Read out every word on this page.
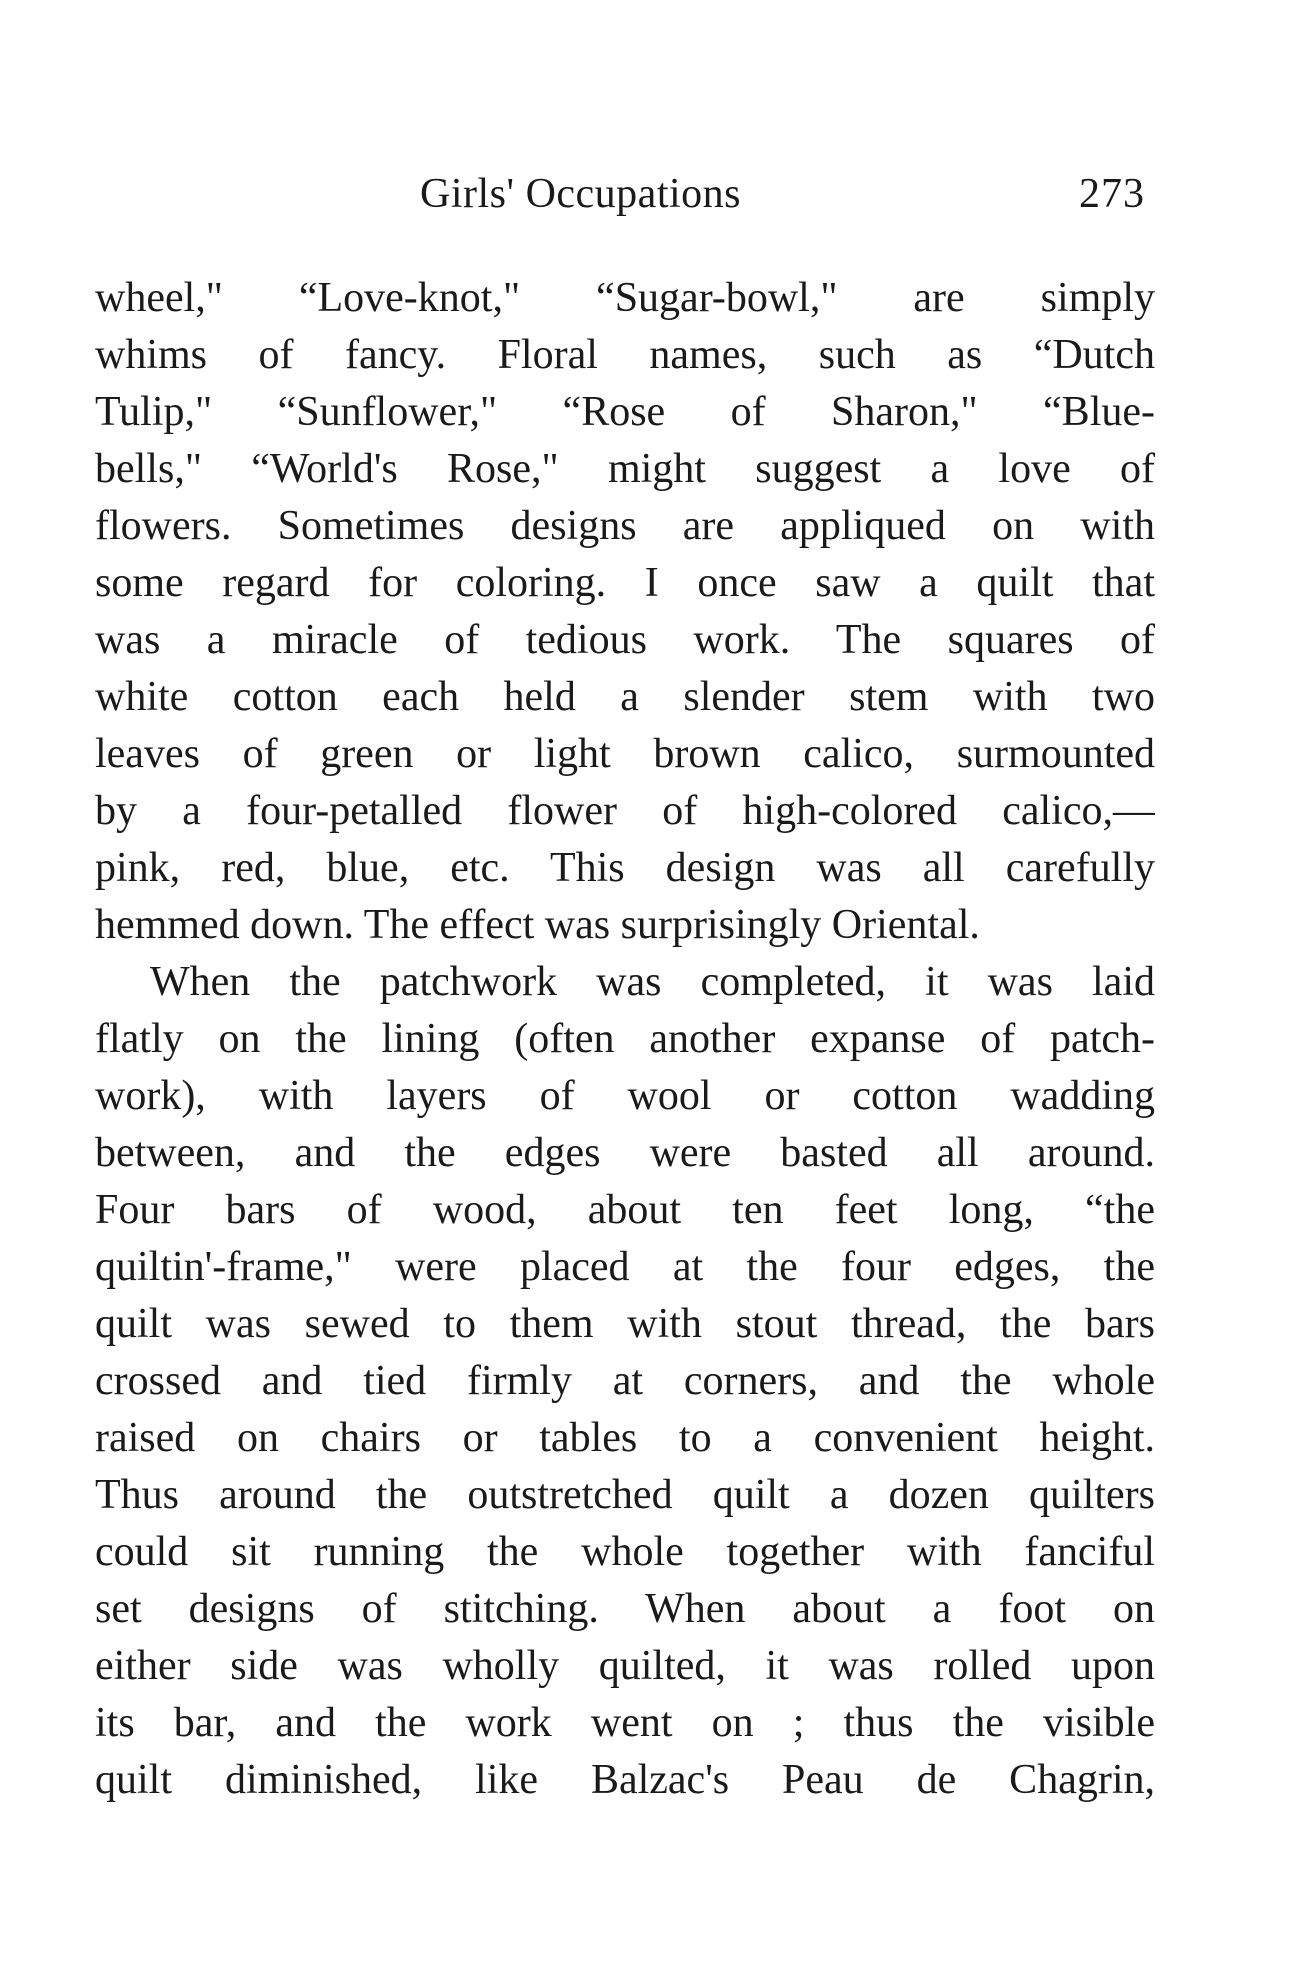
Girls' Occupations	273
wheel," “Love-knot," “Sugar-bowl," are simply
whims of fancy. Floral names, such as “Dutch
Tulip," “Sunflower," “Rose of Sharon," “Blue-
bells," “World's Rose," might suggest a love of
flowers. Sometimes designs are appliqued on with
some regard for coloring. I once saw a quilt that
was a miracle of tedious work. The squares of
white cotton each held a slender stem with two
leaves of green or light brown calico, surmounted
by a four-petalled flower of high-colored calico,—
pink, red, blue, etc. This design was all carefully
hemmed down. The effect was surprisingly Oriental.
When the patchwork was completed, it was laid
flatly on the lining (often another expanse of patch-
work), with layers of wool or cotton wadding
between, and the edges were basted all around.
Four bars of wood, about ten feet long, “the
quiltin'-frame," were placed at the four edges, the
quilt was sewed to them with stout thread, the bars
crossed and tied firmly at corners, and the whole
raised on chairs or tables to a convenient height.
Thus around the outstretched quilt a dozen quilters
could sit running the whole together with fanciful
set designs of stitching. When about a foot on
either side was wholly quilted, it was rolled upon
its bar, and the work went on ; thus the visible
quilt diminished, like Balzac's Peau de Chagrin,
